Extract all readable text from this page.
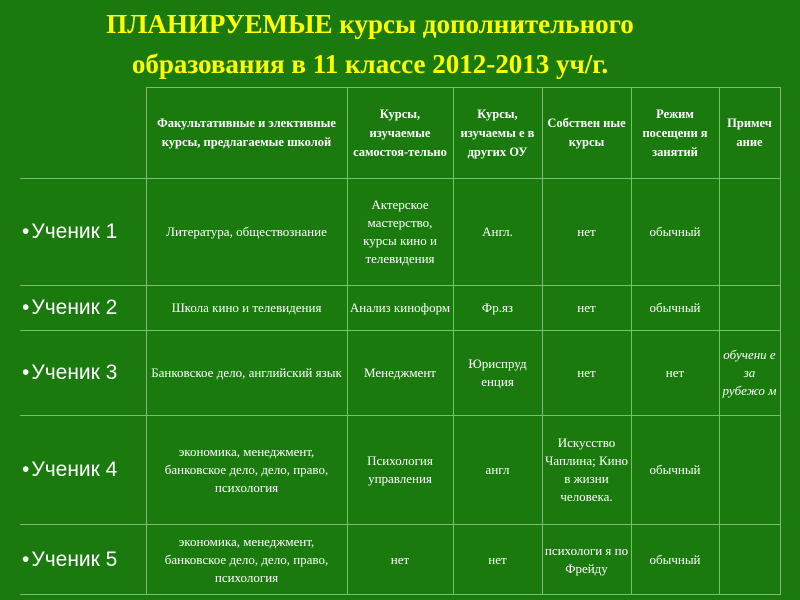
ПЛАНИРУЕМЫЕ курсы дополнительного
образования в 11 классе 2012-2013 уч/г.
	Факультативные и элективные курсы, предлагаемые школой	Курсы, изучаемые самостоя-тельно	Курсы, изучаемы е в других ОУ	Собствен ные курсы	Режим посещени я занятий	Примеч ание
•Ученик 1	Литература, обществознание	Актерское мастерство, курсы кино и телевидения	Англ.	нет	обычный	
•Ученик 2	Школа кино и телевидения	Анализ киноформ	Фр.яз	нет	обычный	
•Ученик 3	Банковское дело, английский язык	Менеджмент	Юриспруд енция	нет	нет	обучени е за рубежо м
•Ученик 4	экономика, менеджмент, банковское дело, дело, право, психология	Психология управления	англ	Искусство Чаплина; Кино в жизни человека.	обычный	
•Ученик 5	экономика, менеджмент, банковское дело, дело, право, психология	нет	нет	психологи я по Фрейду	обычный	
